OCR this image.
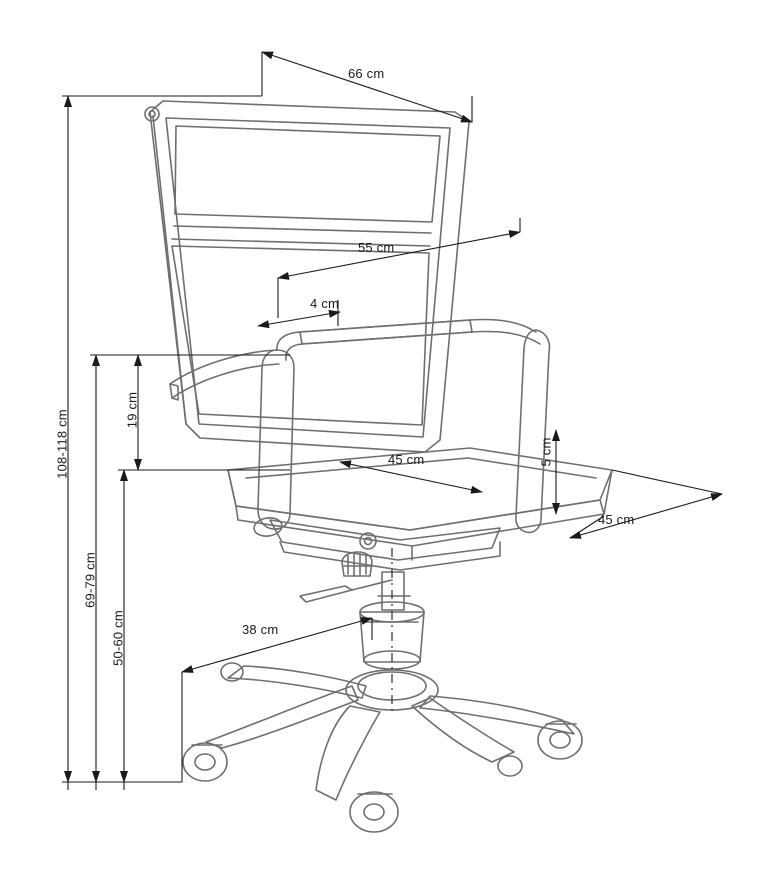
66 cm
55 cm
4 cm
45 cm
45 cm
38 cm
108-118 cm
69-79 cm
50-60 cm
19 cm
5 cm
